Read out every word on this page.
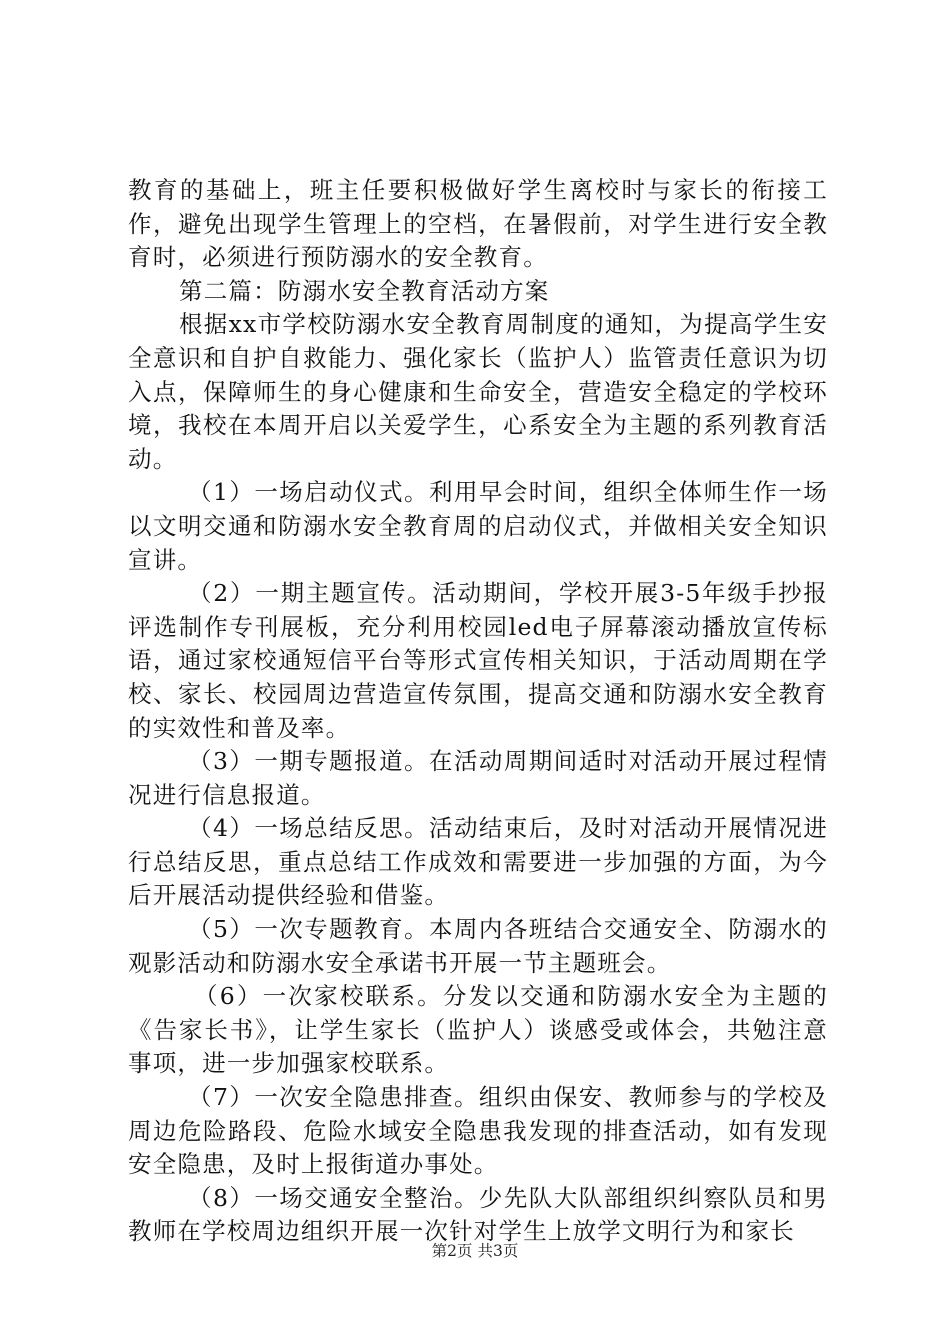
教育的基础上，班主任要积极做好学生离校时与家长的衔接工作，避免出现学生管理上的空档，在暑假前，对学生进行安全教育时，必须进行预防溺水的安全教育。

第二篇：防溺水安全教育活动方案

根据xx市学校防溺水安全教育周制度的通知，为提高学生安全意识和自护自救能力、强化家长（监护人）监管责任意识为切入点，保障师生的身心健康和生命安全，营造安全稳定的学校环境，我校在本周开启以关爱学生，心系安全为主题的系列教育活动。

（1）一场启动仪式。利用早会时间，组织全体师生作一场以文明交通和防溺水安全教育周的启动仪式，并做相关安全知识宣讲。

（2）一期主题宣传。活动期间，学校开展3-5年级手抄报评选制作专刊展板，充分利用校园led电子屏幕滚动播放宣传标语，通过家校通短信平台等形式宣传相关知识，于活动周期在学校、家长、校园周边营造宣传氛围，提高交通和防溺水安全教育的实效性和普及率。

（3）一期专题报道。在活动周期间适时对活动开展过程情况进行信息报道。

（4）一场总结反思。活动结束后，及时对活动开展情况进行总结反思，重点总结工作成效和需要进一步加强的方面，为今后开展活动提供经验和借鉴。

（5）一次专题教育。本周内各班结合交通安全、防溺水的观影活动和防溺水安全承诺书开展一节主题班会。

（6）一次家校联系。分发以交通和防溺水安全为主题的《告家长书》，让学生家长（监护人）谈感受或体会，共勉注意事项，进一步加强家校联系。

（7）一次安全隐患排查。组织由保安、教师参与的学校及周边危险路段、危险水域安全隐患我发现的排查活动，如有发现安全隐患，及时上报街道办事处。

（8）一场交通安全整治。少先队大队部组织纠察队员和男教师在学校周边组织开展一次针对学生上放学文明行为和家长

第2页 共3页
